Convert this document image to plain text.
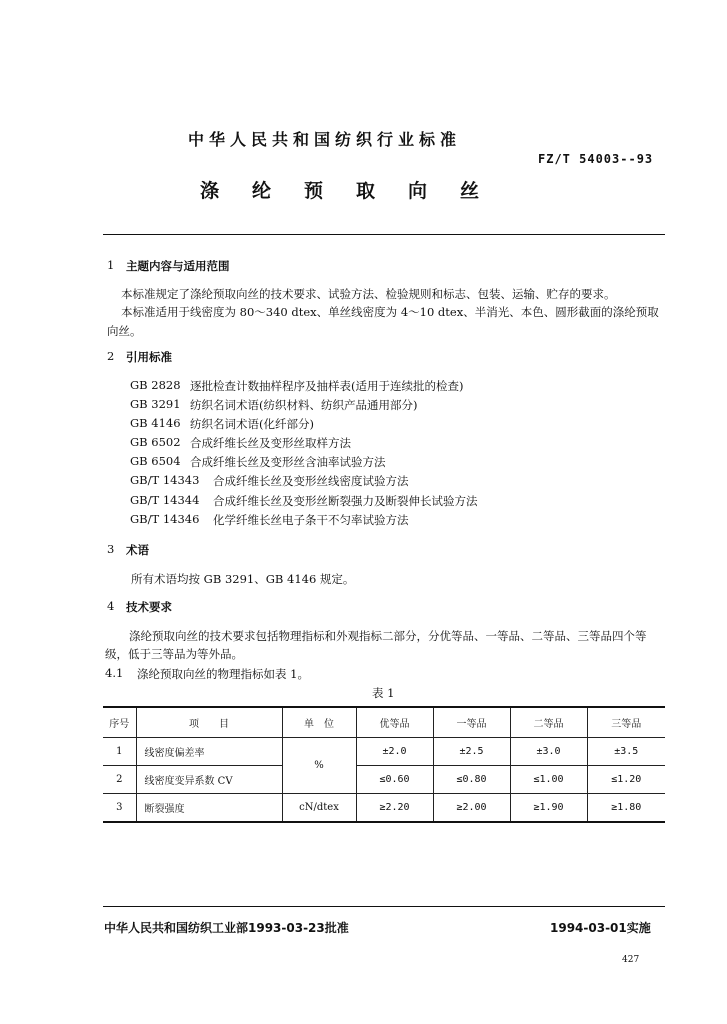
中华人民共和国纺织行业标准
FZ/T 54003--93
涤纶预取向丝
1 主题内容与适用范围
本标准规定了涤纶预取向丝的技术要求、试验方法、检验规则和标志、包装、运输、贮存的要求。
本标准适用于线密度为 80～340 dtex、单丝线密度为 4～10 dtex、半消光、本色、圆形截面的涤纶预取向丝。
2 引用标准
GB 2828 逐批检查计数抽样程序及抽样表(适用于连续批的检查)
GB 3291 纺织名词术语(纺织材料、纺织产品通用部分)
GB 4146 纺织名词术语(化纤部分)
GB 6502 合成纤维长丝及变形丝取样方法
GB 6504 合成纤维长丝及变形丝含油率试验方法
GB/T 14343 合成纤维长丝及变形丝线密度试验方法
GB/T 14344 合成纤维长丝及变形丝断裂强力及断裂伸长试验方法
GB/T 14346 化学纤维长丝电子条干不匀率试验方法
3 术语
所有术语均按 GB 3291、GB 4146 规定。
4 技术要求
涤纶预取向丝的技术要求包括物理指标和外观指标二部分，分优等品、一等品、二等品、三等品四个等级，低于三等品为等外品。
4.1 涤纶预取向丝的物理指标如表 1。
表 1
序号	项　　目	单　位	优等品	一等品	二等品	三等品
1	线密度偏差率	%	±2.0	±2.5	±3.0	±3.5
2	线密度变异系数 CV		≤0.60	≤0.80	≤1.00	≤1.20
3	断裂强度	cN/dtex	≥2.20	≥2.00	≥1.90	≥1.80
中华人民共和国纺织工业部1993-03-23批准	1994-03-01实施
427
